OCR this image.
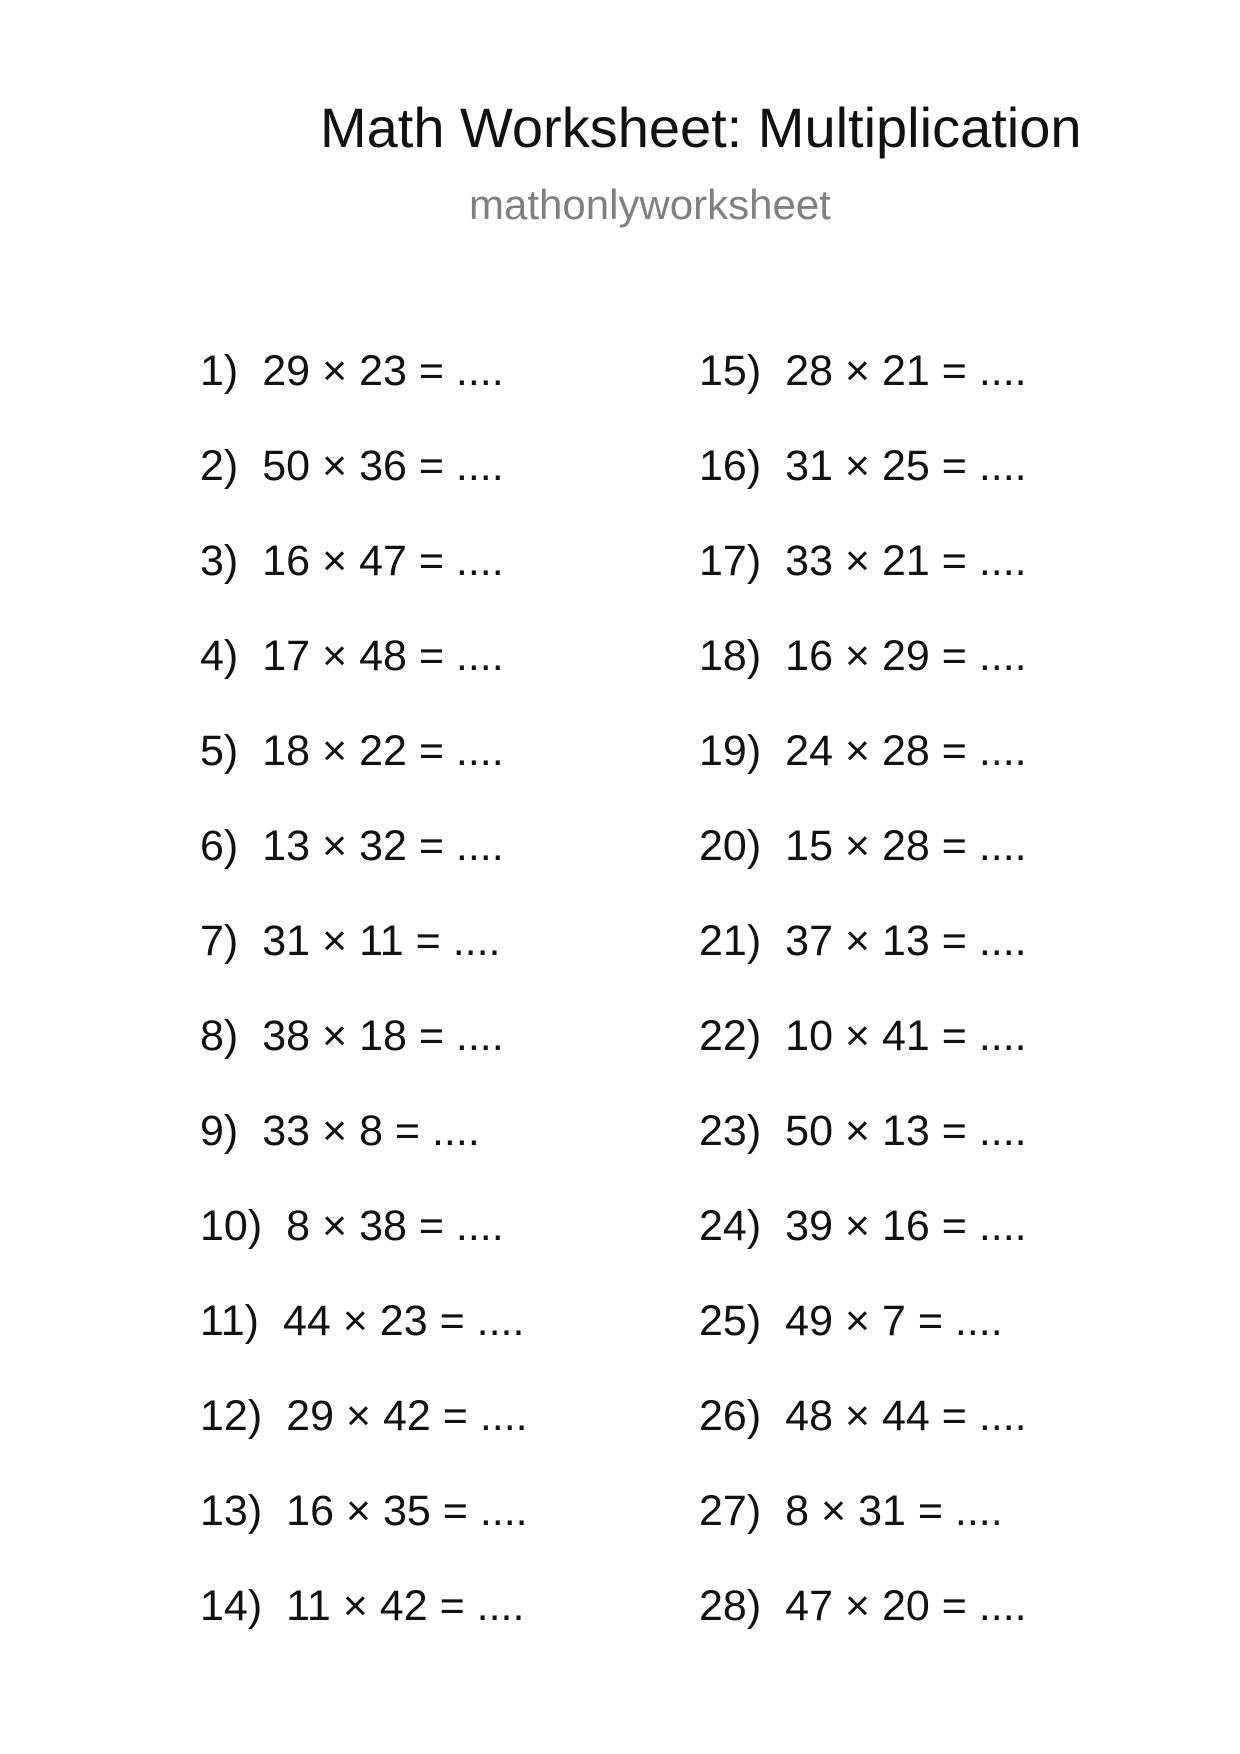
Math Worksheet: Multiplication
mathonlyworksheet
1) 29 × 23 = ....
2) 50 × 36 = ....
3) 16 × 47 = ....
4) 17 × 48 = ....
5) 18 × 22 = ....
6) 13 × 32 = ....
7) 31 × 11 = ....
8) 38 × 18 = ....
9) 33 × 8 = ....
10) 8 × 38 = ....
11) 44 × 23 = ....
12) 29 × 42 = ....
13) 16 × 35 = ....
14) 11 × 42 = ....
15) 28 × 21 = ....
16) 31 × 25 = ....
17) 33 × 21 = ....
18) 16 × 29 = ....
19) 24 × 28 = ....
20) 15 × 28 = ....
21) 37 × 13 = ....
22) 10 × 41 = ....
23) 50 × 13 = ....
24) 39 × 16 = ....
25) 49 × 7 = ....
26) 48 × 44 = ....
27) 8 × 31 = ....
28) 47 × 20 = ....
